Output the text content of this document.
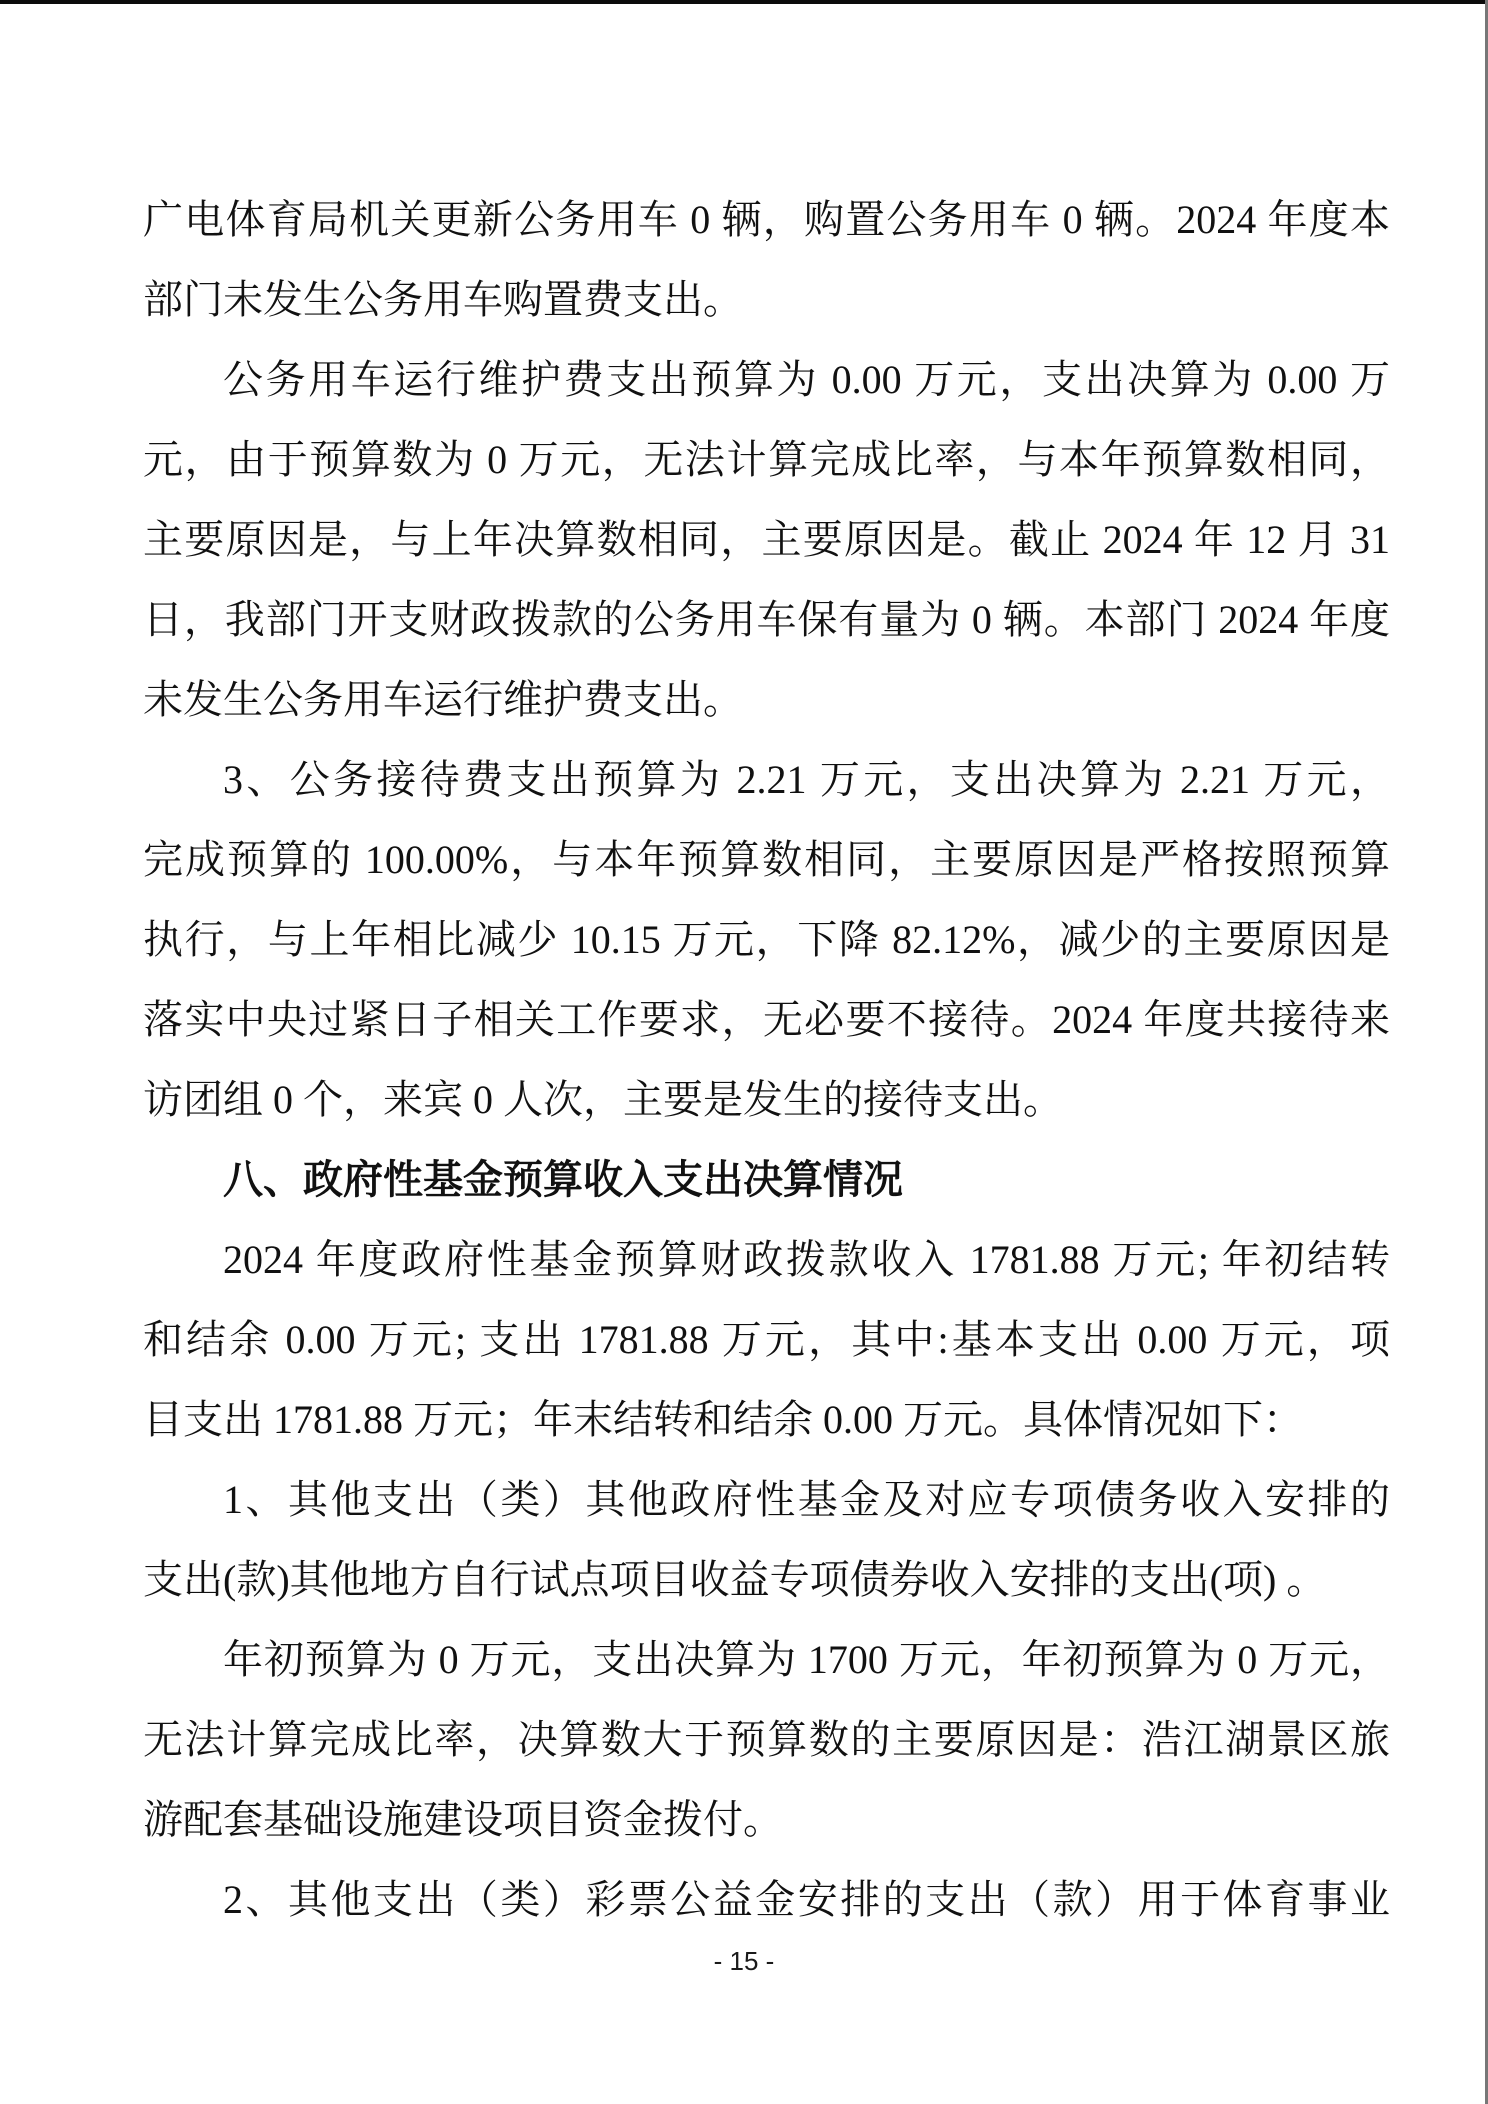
广电体育局机关更新公务用车 0 辆，购置公务用车 0 辆。2024 年度本
部门未发生公务用车购置费支出。
公务用车运行维护费支出预算为 0.00 万元，支出决算为 0.00 万
元，由于预算数为 0 万元，无法计算完成比率，与本年预算数相同，
主要原因是，与上年决算数相同，主要原因是。截止 2024 年 12 月 31
日，我部门开支财政拨款的公务用车保有量为 0 辆。本部门 2024 年度
未发生公务用车运行维护费支出。
3、公务接待费支出预算为 2.21 万元，支出决算为 2.21 万元，
完成预算的 100.00%，与本年预算数相同，主要原因是严格按照预算
执行，与上年相比减少 10.15 万元，下降 82.12%，减少的主要原因是
落实中央过紧日子相关工作要求，无必要不接待。2024 年度共接待来
访团组 0 个，来宾 0 人次，主要是发生的接待支出。
八、政府性基金预算收入支出决算情况
2024 年度政府性基金预算财政拨款收入 1781.88 万元; 年初结转
和结余 0.00 万元; 支出 1781.88 万元，其中:基本支出 0.00 万元，项
目支出 1781.88 万元；年末结转和结余 0.00 万元。具体情况如下：
1、其他支出（类）其他政府性基金及对应专项债务收入安排的
支出(款)其他地方自行试点项目收益专项债券收入安排的支出(项) 。
年初预算为 0 万元，支出决算为 1700 万元，年初预算为 0 万元，
无法计算完成比率，决算数大于预算数的主要原因是：浩江湖景区旅
游配套基础设施建设项目资金拨付。
2、其他支出（类）彩票公益金安排的支出（款）用于体育事业
- 15 -
